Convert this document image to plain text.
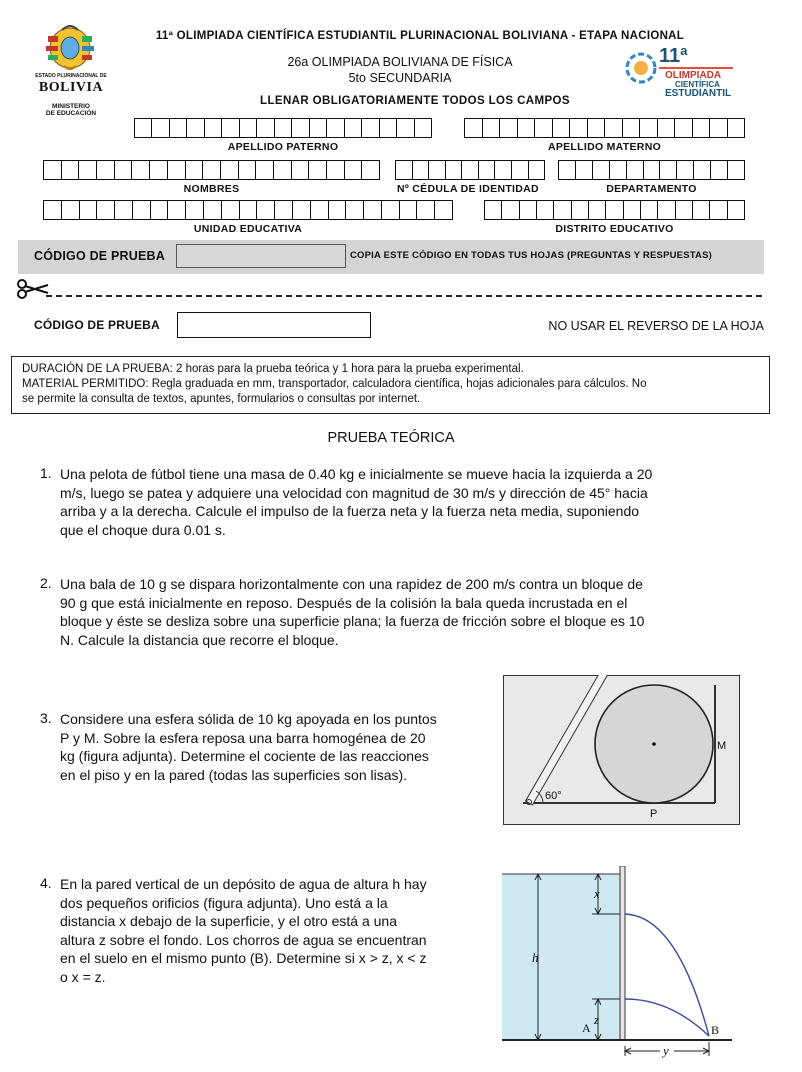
ESTADO PLURINACIONAL DE
BOLIVIA
MINISTERIO
DE EDUCACIÓN
11ª
OLIMPIADA
CIENTÍFICA
ESTUDIANTIL
11ª OLIMPIADA CIENTÍFICA ESTUDIANTIL PLURINACIONAL BOLIVIANA - ETAPA NACIONAL
26a OLIMPIADA BOLIVIANA DE FÍSICA
5to SECUNDARIA
LLENAR OBLIGATORIAMENTE TODOS LOS CAMPOS
APELLIDO PATERNO	APELLIDO MATERNO
NOMBRES	Nº CÉDULA DE IDENTIDAD	DEPARTAMENTO
UNIDAD EDUCATIVA	DISTRITO EDUCATIVO
CÓDIGO DE PRUEBA	COPIA ESTE CÓDIGO EN TODAS TUS HOJAS (PREGUNTAS Y RESPUESTAS)
CÓDIGO DE PRUEBA	NO USAR EL REVERSO DE LA HOJA
DURACIÓN DE LA PRUEBA: 2 horas para la prueba teórica y 1 hora para la prueba experimental.
MATERIAL PERMITIDO: Regla graduada en mm, transportador, calculadora científica, hojas adicionales para cálculos. No
se permite la consulta de textos, apuntes, formularios o consultas por internet.
PRUEBA TEÓRICA
1. Una pelota de fútbol tiene una masa de 0.40 kg e inicialmente se mueve hacia la izquierda a 20
m/s, luego se patea y adquiere una velocidad con magnitud de 30 m/s y dirección de 45° hacia
arriba y a la derecha. Calcule el impulso de la fuerza neta y la fuerza neta media, suponiendo
que el choque dura 0.01 s.
2. Una bala de 10 g se dispara horizontalmente con una rapidez de 200 m/s contra un bloque de
90 g que está inicialmente en reposo. Después de la colisión la bala queda incrustada en el
bloque y éste se desliza sobre una superficie plana; la fuerza de fricción sobre el bloque es 10
N. Calcule la distancia que recorre el bloque.
3. Considere una esfera sólida de 10 kg apoyada en los puntos
P y M. Sobre la esfera reposa una barra homogénea de 20
kg (figura adjunta). Determine el cociente de las reacciones
en el piso y en la pared (todas las superficies son lisas).
60°
M
P
4. En la pared vertical de un depósito de agua de altura h hay
dos pequeños orificios (figura adjunta). Uno está a la
distancia x debajo de la superficie, y el otro está a una
altura z sobre el fondo. Los chorros de agua se encuentran
en el suelo en el mismo punto (B). Determine si x > z, x < z
o x = z.
h
x
z
A	B
y
